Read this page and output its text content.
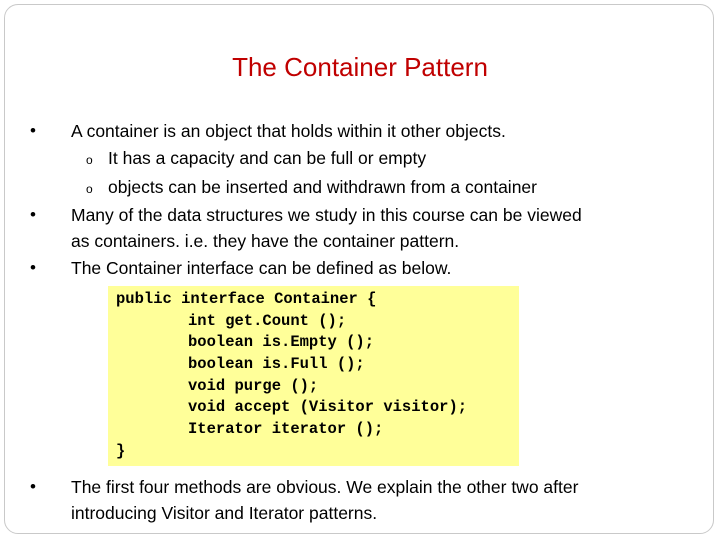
The Container Pattern
• A container is an object that holds within it other objects.
o It has a capacity and can be full or empty
o objects can be inserted and withdrawn from a container
• Many of the data structures we study in this course can be viewed
as containers. i.e. they have the container pattern.
• The Container interface can be defined as below.
public interface Container {
int get.Count ();
boolean is.Empty ();
boolean is.Full ();
void purge ();
void accept (Visitor visitor);
Iterator iterator ();
}
• The first four methods are obvious. We explain the other two after
introducing Visitor and Iterator patterns.
